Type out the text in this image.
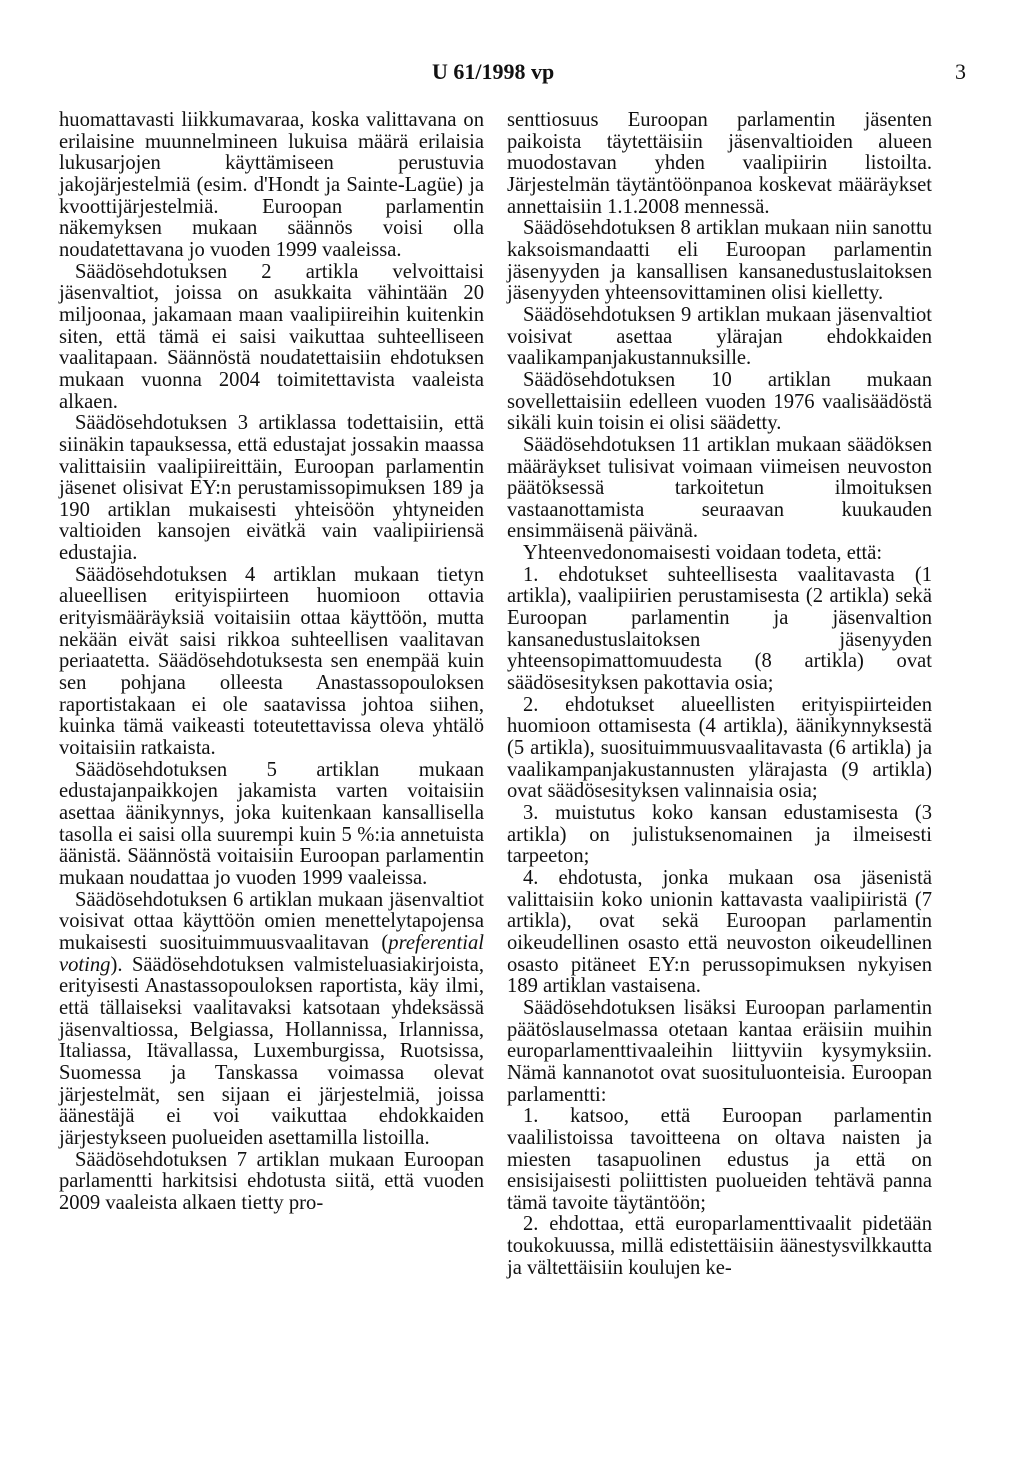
U 61/1998 vp	3

huomattavasti liikkumavaraa, koska valittavana on erilaisine muunnelmineen lukuisa määrä erilaisia lukusarjojen käyttämiseen perustuvia jakojärjestelmiä (esim. d'Hondt ja Sainte-Lagüe) ja kvoottijärjestelmiä. Euroopan parlamentin näkemyksen mukaan säännös voisi olla noudatettavana jo vuoden 1999 vaaleissa.

Säädösehdotuksen 2 artikla velvoittaisi jäsenvaltiot, joissa on asukkaita vähintään 20 miljoonaa, jakamaan maan vaalipiireihin kuitenkin siten, että tämä ei saisi vaikuttaa suhteelliseen vaalitapaan. Säännöstä noudatettaisiin ehdotuksen mukaan vuonna 2004 toimitettavista vaaleista alkaen.

Säädösehdotuksen 3 artiklassa todettaisiin, että siinäkin tapauksessa, että edustajat jossakin maassa valittaisiin vaalipiireittäin, Euroopan parlamentin jäsenet olisivat EY:n perustamissopimuksen 189 ja 190 artiklan mukaisesti yhteisöön yhtyneiden valtioiden kansojen eivätkä vain vaalipiiriensä edustajia.

Säädösehdotuksen 4 artiklan mukaan tietyn alueellisen erityispiirteen huomioon ottavia erityismääräyksiä voitaisiin ottaa käyttöön, mutta nekään eivät saisi rikkoa suhteellisen vaalitavan periaatetta. Säädösehdotuksesta sen enempää kuin sen pohjana olleesta Anastassopouloksen raportistakaan ei ole saatavissa johtoa siihen, kuinka tämä vaikeasti toteutettavissa oleva yhtälö voitaisiin ratkaista.

Säädösehdotuksen 5 artiklan mukaan edustajanpaikkojen jakamista varten voitaisiin asettaa äänikynnys, joka kuitenkaan kansallisella tasolla ei saisi olla suurempi kuin 5 %:ia annetuista äänistä. Säännöstä voitaisiin Euroopan parlamentin mukaan noudattaa jo vuoden 1999 vaaleissa.

Säädösehdotuksen 6 artiklan mukaan jäsenvaltiot voisivat ottaa käyttöön omien menettelytapojensa mukaisesti suosituimmuusvaalitavan (preferential voting). Säädösehdotuksen valmisteluasiakirjoista, erityisesti Anastassopouloksen raportista, käy ilmi, että tällaiseksi vaalitavaksi katsotaan yhdeksässä jäsenvaltiossa, Belgiassa, Hollannissa, Irlannissa, Italiassa, Itävallassa, Luxemburgissa, Ruotsissa, Suomessa ja Tanskassa voimassa olevat järjestelmät, sen sijaan ei järjestelmiä, joissa äänestäjä ei voi vaikuttaa ehdokkaiden järjestykseen puolueiden asettamilla listoilla.

Säädösehdotuksen 7 artiklan mukaan Euroopan parlamentti harkitsisi ehdotusta siitä, että vuoden 2009 vaaleista alkaen tietty pro-

senttiosuus Euroopan parlamentin jäsenten paikoista täytettäisiin jäsenvaltioiden alueen muodostavan yhden vaalipiirin listoilta. Järjestelmän täytäntöönpanoa koskevat määräykset annettaisiin 1.1.2008 mennessä.

Säädösehdotuksen 8 artiklan mukaan niin sanottu kaksoismandaatti eli Euroopan parlamentin jäsenyyden ja kansallisen kansanedustuslaitoksen jäsenyyden yhteensovittaminen olisi kielletty.

Säädösehdotuksen 9 artiklan mukaan jäsenvaltiot voisivat asettaa ylärajan ehdokkaiden vaalikampanjakustannuksille.

Säädösehdotuksen 10 artiklan mukaan sovellettaisiin edelleen vuoden 1976 vaalisäädöstä sikäli kuin toisin ei olisi säädetty.

Säädösehdotuksen 11 artiklan mukaan säädöksen määräykset tulisivat voimaan viimeisen neuvoston päätöksessä tarkoitetun ilmoituksen vastaanottamista seuraavan kuukauden ensimmäisenä päivänä.

Yhteenvedonomaisesti voidaan todeta, että:

1. ehdotukset suhteellisesta vaalitavasta (1 artikla), vaalipiirien perustamisesta (2 artikla) sekä Euroopan parlamentin ja jäsenvaltion kansanedustuslaitoksen jäsenyyden yhteensopimattomuudesta (8 artikla) ovat säädösesityksen pakottavia osia;

2. ehdotukset alueellisten erityispiirteiden huomioon ottamisesta (4 artikla), äänikynnyksestä (5 artikla), suosituimmuusvaalitavasta (6 artikla) ja vaalikampanjakustannusten ylärajasta (9 artikla) ovat säädösesityksen valinnaisia osia;

3. muistutus koko kansan edustamisesta (3 artikla) on julistuksenomainen ja ilmeisesti tarpeeton;

4. ehdotusta, jonka mukaan osa jäsenistä valittaisiin koko unionin kattavasta vaalipiiristä (7 artikla), ovat sekä Euroopan parlamentin oikeudellinen osasto että neuvoston oikeudellinen osasto pitäneet EY:n perussopimuksen nykyisen 189 artiklan vastaisena.

Säädösehdotuksen lisäksi Euroopan parlamentin päätöslauselmassa otetaan kantaa eräisiin muihin europarlamenttivaaleihin liittyviin kysymyksiin. Nämä kannanotot ovat suosituluonteisia. Euroopan parlamentti:

1. katsoo, että Euroopan parlamentin vaalilistoissa tavoitteena on oltava naisten ja miesten tasapuolinen edustus ja että on ensisijaisesti poliittisten puolueiden tehtävä panna tämä tavoite täytäntöön;

2. ehdottaa, että europarlamenttivaalit pidetään toukokuussa, millä edistettäisiin äänestysvilkkautta ja vältettäisiin koulujen ke-
